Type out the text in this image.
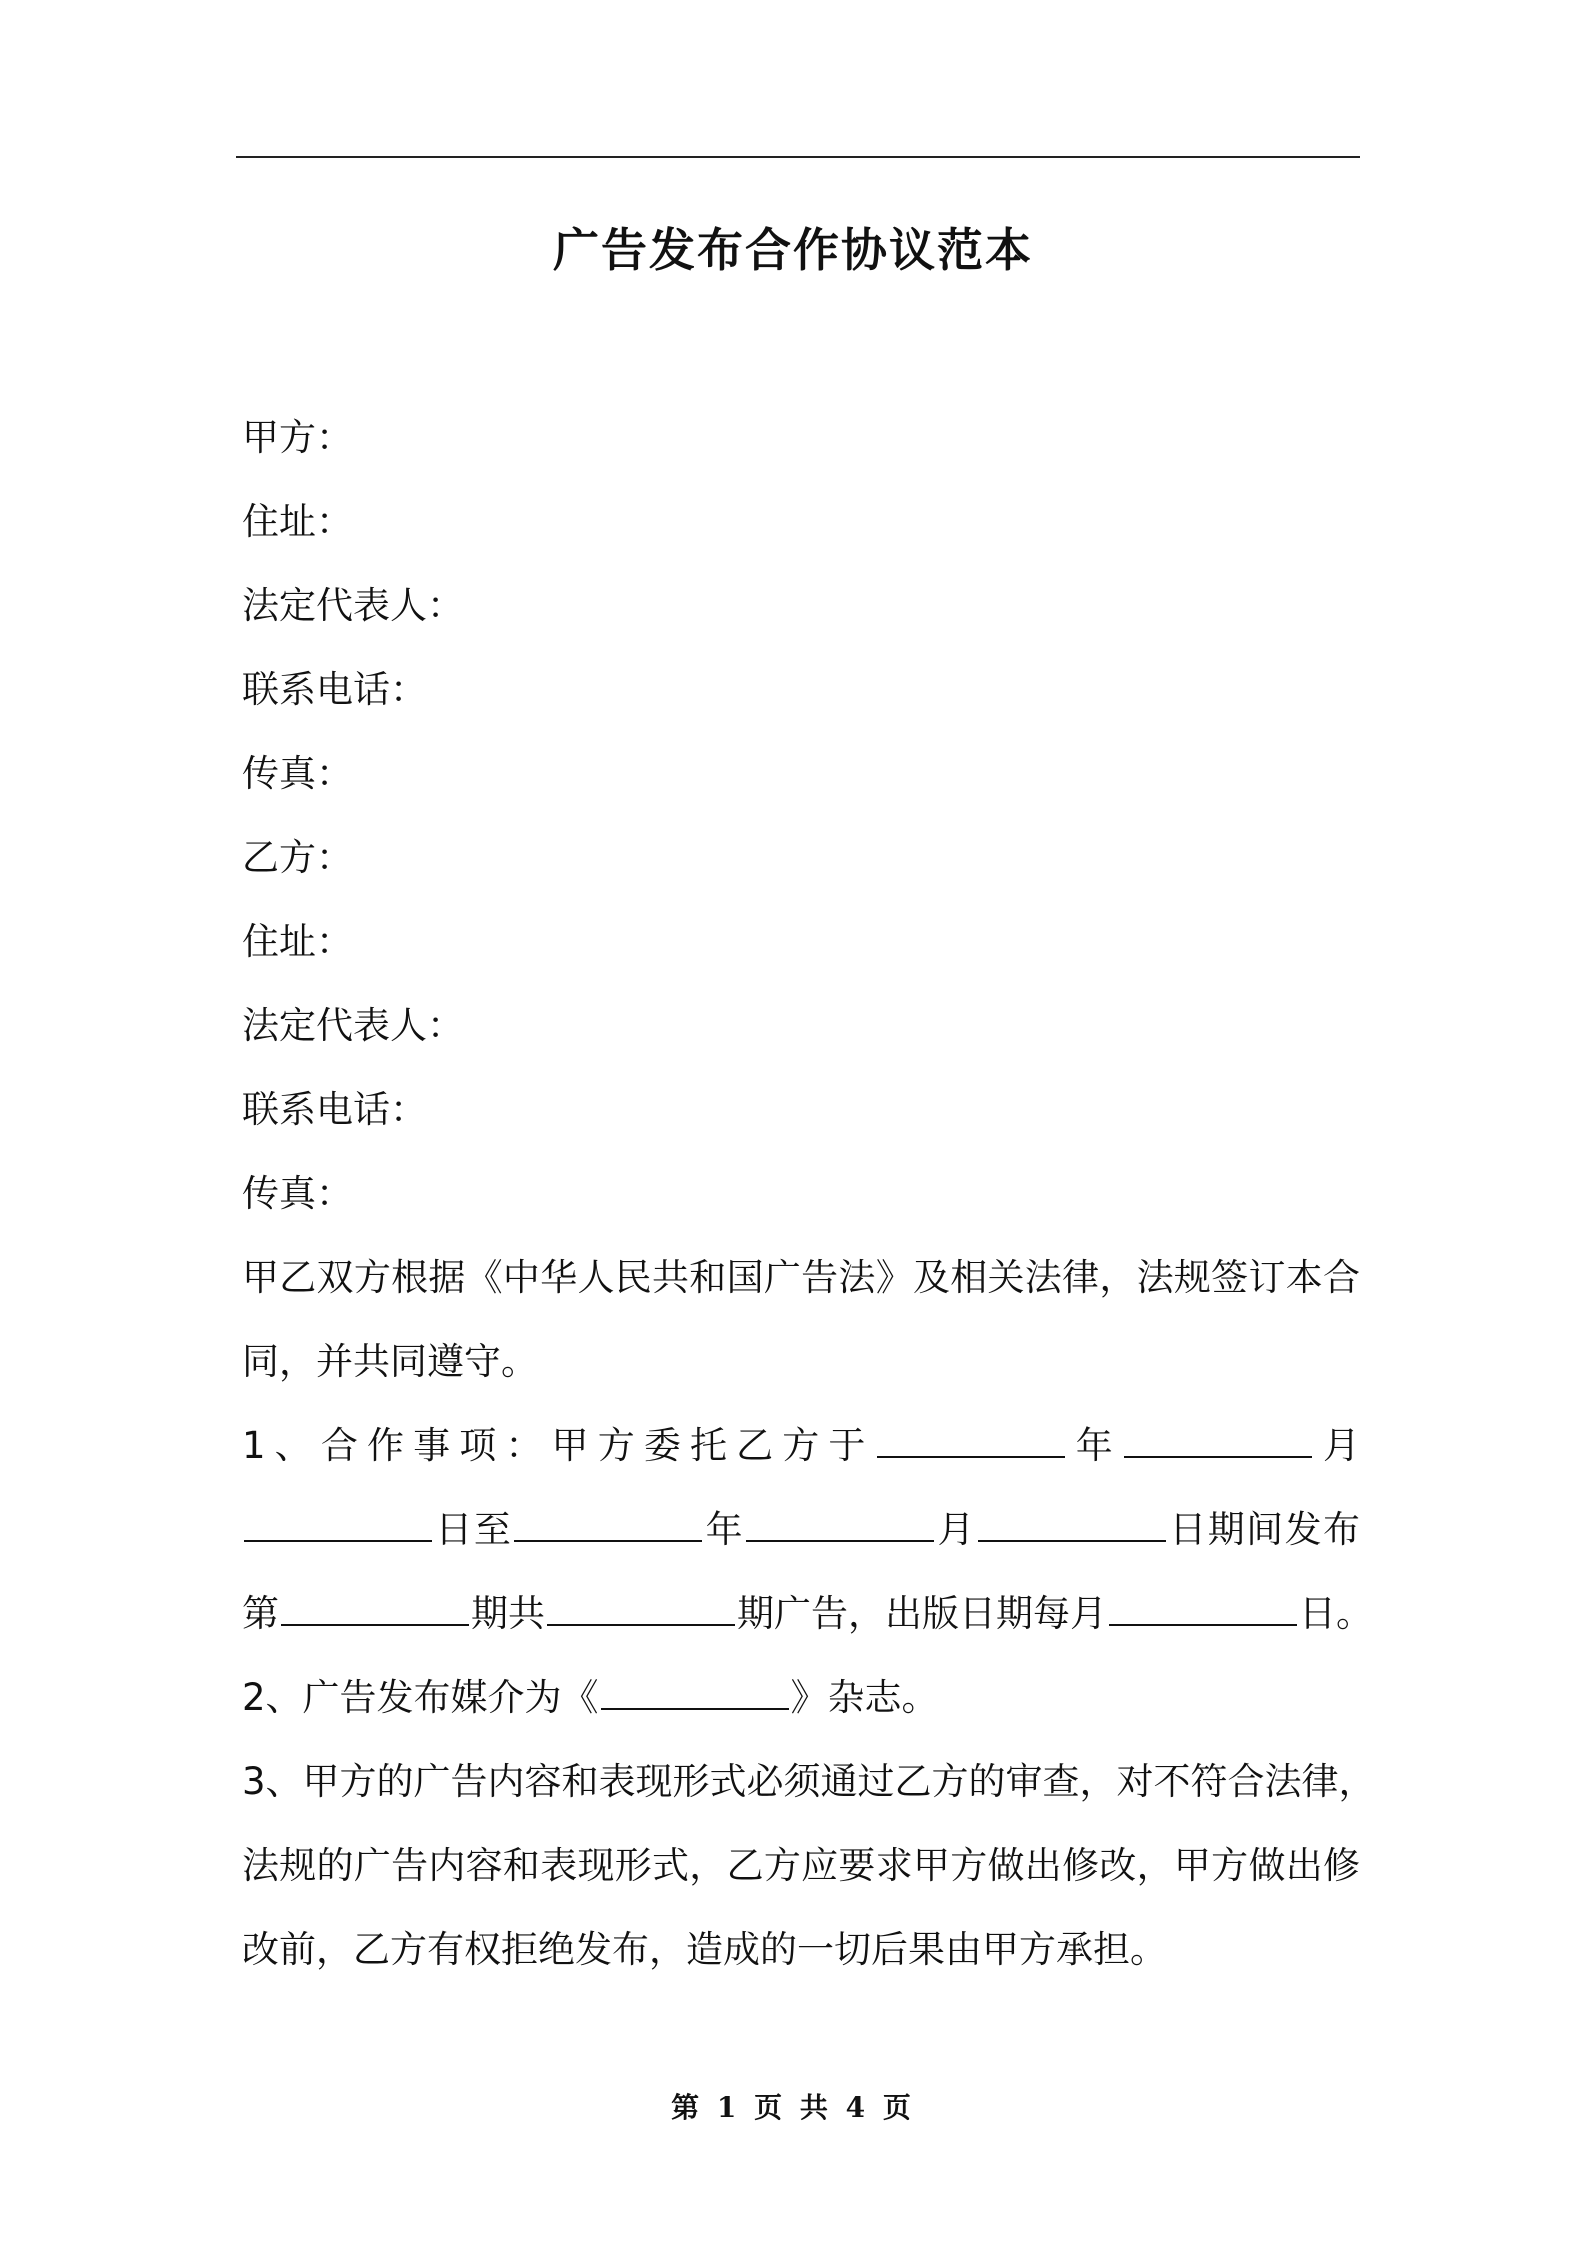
广告发布合作协议范本
甲方：
住址：
法定代表人：
联系电话：
传真：
乙方：
住址：
法定代表人：
联系电话：
传真：
甲乙双方根据《中华人民共和国广告法》及相关法律，法规签订本合
同，并共同遵守。
1、合作事项：甲方委托乙方于	年	月
日至	年	月	日期间发布
第	期共	期广告，出版日期每月	日。
2、广告发布媒介为《	》杂志。
3、甲方的广告内容和表现形式必须通过乙方的审查，对不符合法律，
法规的广告内容和表现形式，乙方应要求甲方做出修改，甲方做出修
改前，乙方有权拒绝发布，造成的一切后果由甲方承担。
第 1 页 共 4 页
